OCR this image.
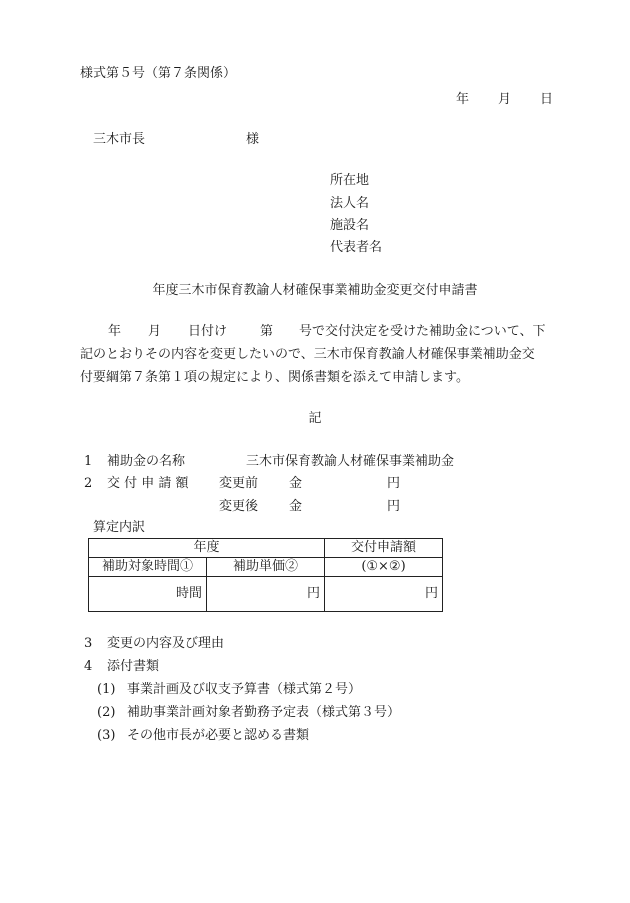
様式第５号（第７条関係）
年 月 日
三木市長	様
所在地
法人名
施設名
代表者名
年度三木市保育教諭人材確保事業補助金変更交付申請書
年 月 日付け	第 号で交付決定を受けた補助金について、下
記のとおりその内容を変更したいので、三木市保育教諭人材確保事業補助金交
付要綱第７条第１項の規定により、関係書類を添えて申請します。
記
1 補助金の名称	三木市保育教諭人材確保事業補助金
2 交 付 申 請 額 変更前 金	円
変更後 金	円
算定内訳
年度		交付申請額
補助対象時間①	補助単価②	(①×②)
時間	円	円
3 変更の内容及び理由
4 添付書類
(1) 事業計画及び収支予算書（様式第２号）
(2) 補助事業計画対象者勤務予定表（様式第３号）
(3) その他市長が必要と認める書類
